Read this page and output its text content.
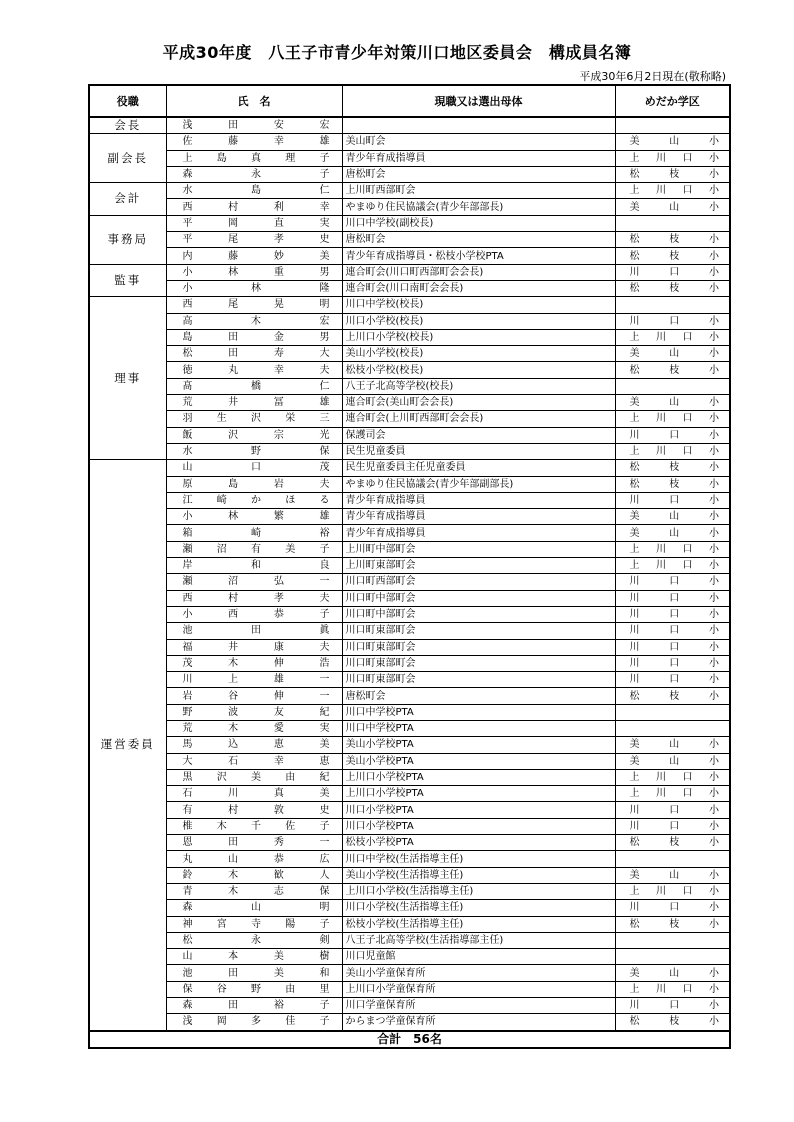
平成30年度　八王子市青少年対策川口地区委員会　構成員名簿
平成30年6月2日現在(敬称略)
役職	氏　名	現職又は選出母体	めだか学区
会長	浅 田 安 宏		

副会長	佐 藤 幸 雄	美山町会	美 山 小

	上 島 真 理 子	青少年育成指導員	上 川 口 小

	森 永 子	唐松町会	松 枝 小

会計	水 島 仁	上川町西部町会	上 川 口 小

	西 村 利 幸	やまゆり住民協議会(青少年部部長)	美 山 小

事務局	平 岡 直 実	川口中学校(副校長)	

	平 尾 孝 史	唐松町会	松 枝 小

	内 藤 妙 美	青少年育成指導員・松枝小学校PTA	松 枝 小

監事	小 林 重 男	連合町会(川口町西部町会会長)	川 口 小

	小 林 隆	連合町会(川口南町会会長)	松 枝 小

理事	西 尾 晃 明	川口中学校(校長)	

	高 木 宏	川口小学校(校長)	川 口 小

	島 田 金 男	上川口小学校(校長)	上 川 口 小

	松 田 寿 大	美山小学校(校長)	美 山 小

	徳 丸 幸 夫	松枝小学校(校長)	松 枝 小

	髙 橋 仁	八王子北高等学校(校長)	

	荒 井 冨 雄	連合町会(美山町会会長)	美 山 小

	羽 生 沢 栄 三	連合町会(上川町西部町会会長)	上 川 口 小

	飯 沢 宗 光	保護司会	川 口 小

	水 野 保	民生児童委員	上 川 口 小

運営委員	山 口 茂	民生児童委員主任児童委員	松 枝 小

	原 島 岩 夫	やまゆり住民協議会(青少年部副部長)	松 枝 小

	江 崎 か ほ る	青少年育成指導員	川 口 小

	小 林 繁 雄	青少年育成指導員	美 山 小

	箱 崎 裕	青少年育成指導員	美 山 小

	瀬 沼 有 美 子	上川町中部町会	上 川 口 小

	岸 和 良	上川町東部町会	上 川 口 小

	瀬 沼 弘 一	川口町西部町会	川 口 小

	西 村 孝 夫	川口町中部町会	川 口 小

	小 西 恭 子	川口町中部町会	川 口 小

	池 田 眞	川口町東部町会	川 口 小

	福 井 康 夫	川口町東部町会	川 口 小

	茂 木 伸 浩	川口町東部町会	川 口 小

	川 上 雄 一	川口町東部町会	川 口 小

	岩 谷 伸 一	唐松町会	松 枝 小

	野 波 友 紀	川口中学校PTA	

	荒 木 愛 実	川口中学校PTA	

	馬 込 恵 美	美山小学校PTA	美 山 小

	大 石 幸 恵	美山小学校PTA	美 山 小

	黒 沢 美 由 紀	上川口小学校PTA	上 川 口 小

	石 川 真 美	上川口小学校PTA	上 川 口 小

	有 村 敦 史	川口小学校PTA	川 口 小

	椎 木 千 佐 子	川口小学校PTA	川 口 小

	恩 田 秀 一	松枝小学校PTA	松 枝 小

	丸 山 恭 広	川口中学校(生活指導主任)	

	鈴 木 歓 人	美山小学校(生活指導主任)	美 山 小

	青 木 志 保	上川口小学校(生活指導主任)	上 川 口 小

	森 山 明	川口小学校(生活指導主任)	川 口 小

	神 宮 寺 陽 子	松枝小学校(生活指導主任)	松 枝 小

	松 永 剣	八王子北高等学校(生活指導部主任)	

	山 本 美 樹	川口児童館	

	池 田 美 和	美山小学童保育所	美 山 小

	保 谷 野 由 里	上川口小学童保育所	上 川 口 小

	森 田 裕 子	川口学童保育所	川 口 小

	浅 岡 多 佳 子	からまつ学童保育所	松 枝 小

合計　56名			
